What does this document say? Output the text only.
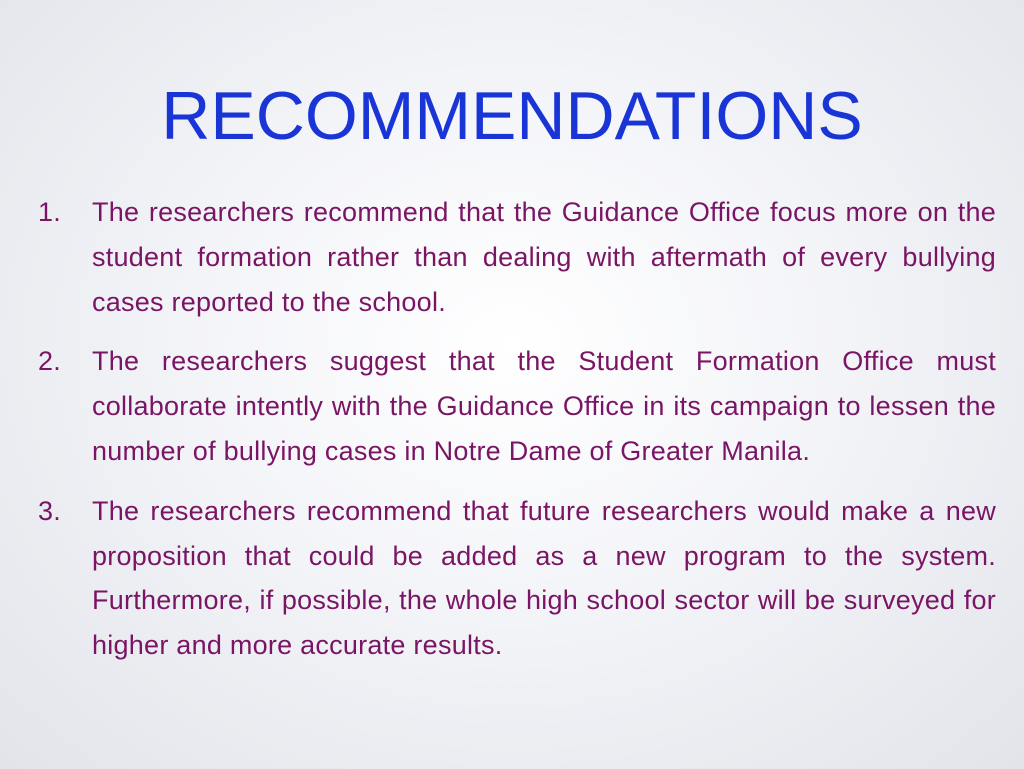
RECOMMENDATIONS
1. The researchers recommend that the Guidance Office focus more on the student formation rather than dealing with aftermath of every bullying cases reported to the school.
2. The researchers suggest that the Student Formation Office must collaborate intently with the Guidance Office in its campaign to lessen the number of bullying cases in Notre Dame of Greater Manila.
3. The researchers recommend that future researchers would make a new proposition that could be added as a new program to the system. Furthermore, if possible, the whole high school sector will be surveyed for higher and more accurate results.
